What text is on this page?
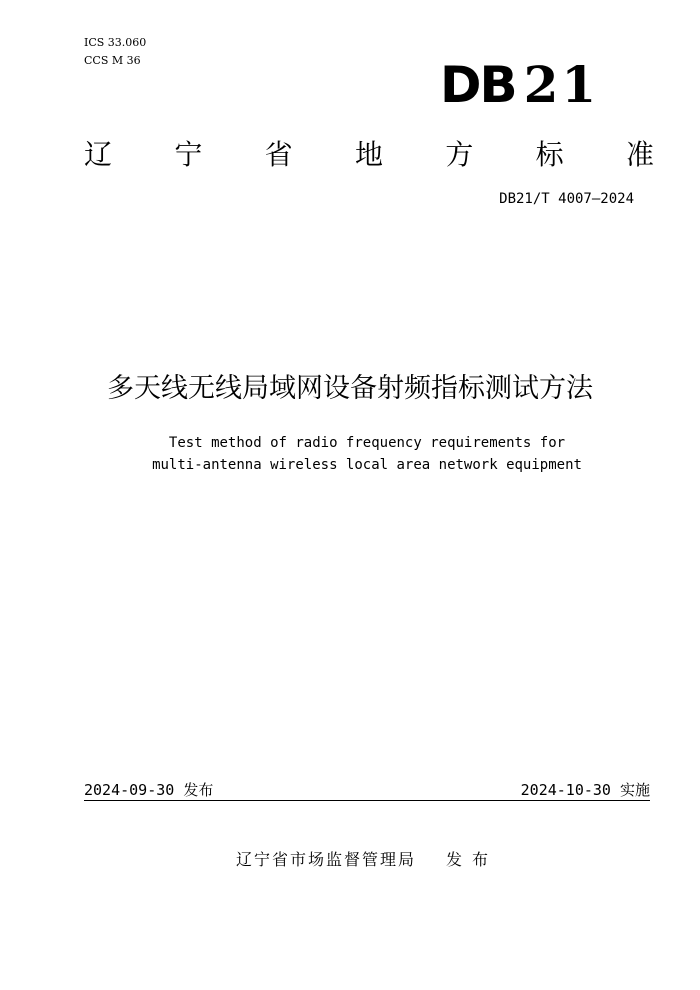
ICS 33.060
CCS M 36	DB 21
辽 宁 省 地 方 标 准
DB21/T 4007—2024
多天线无线局域网设备射频指标测试方法
Test method of radio frequency requirements for
multi-antenna wireless local area network equipment
2024-09-30 发布	2024-10-30 实施
辽宁省市场监督管理局 发布
